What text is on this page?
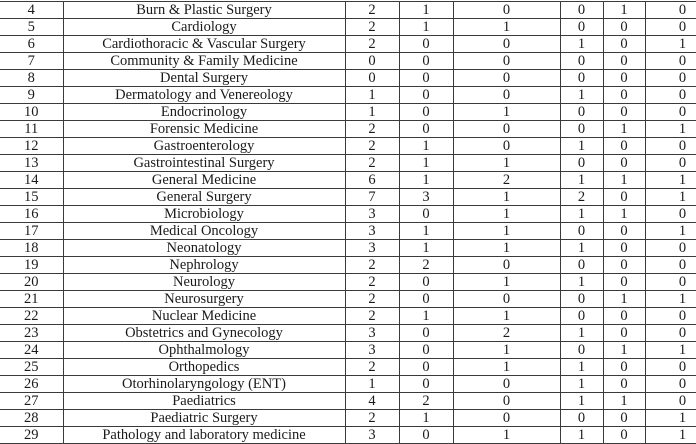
4	Burn & Plastic Surgery	2	1	0	0	1	0
5	Cardiology	2	1	1	0	0	0
6	Cardiothoracic & Vascular Surgery	2	0	0	1	0	1
7	Community & Family Medicine	0	0	0	0	0	0
8	Dental Surgery	0	0	0	0	0	0
9	Dermatology and Venereology	1	0	0	1	0	0
10	Endocrinology	1	0	1	0	0	0
11	Forensic Medicine	2	0	0	0	1	1
12	Gastroenterology	2	1	0	1	0	0
13	Gastrointestinal Surgery	2	1	1	0	0	0
14	General Medicine	6	1	2	1	1	1
15	General Surgery	7	3	1	2	0	1
16	Microbiology	3	0	1	1	1	0
17	Medical Oncology	3	1	1	0	0	1
18	Neonatology	3	1	1	1	0	0
19	Nephrology	2	2	0	0	0	0
20	Neurology	2	0	1	1	0	0
21	Neurosurgery	2	0	0	0	1	1
22	Nuclear Medicine	2	1	1	0	0	0
23	Obstetrics and Gynecology	3	0	2	1	0	0
24	Ophthalmology	3	0	1	0	1	1
25	Orthopedics	2	0	1	1	0	0
26	Otorhinolaryngology (ENT)	1	0	0	1	0	0
27	Paediatrics	4	2	0	1	1	0
28	Paediatric Surgery	2	1	0	0	0	1
29	Pathology and laboratory medicine	3	0	1	1	0	1
